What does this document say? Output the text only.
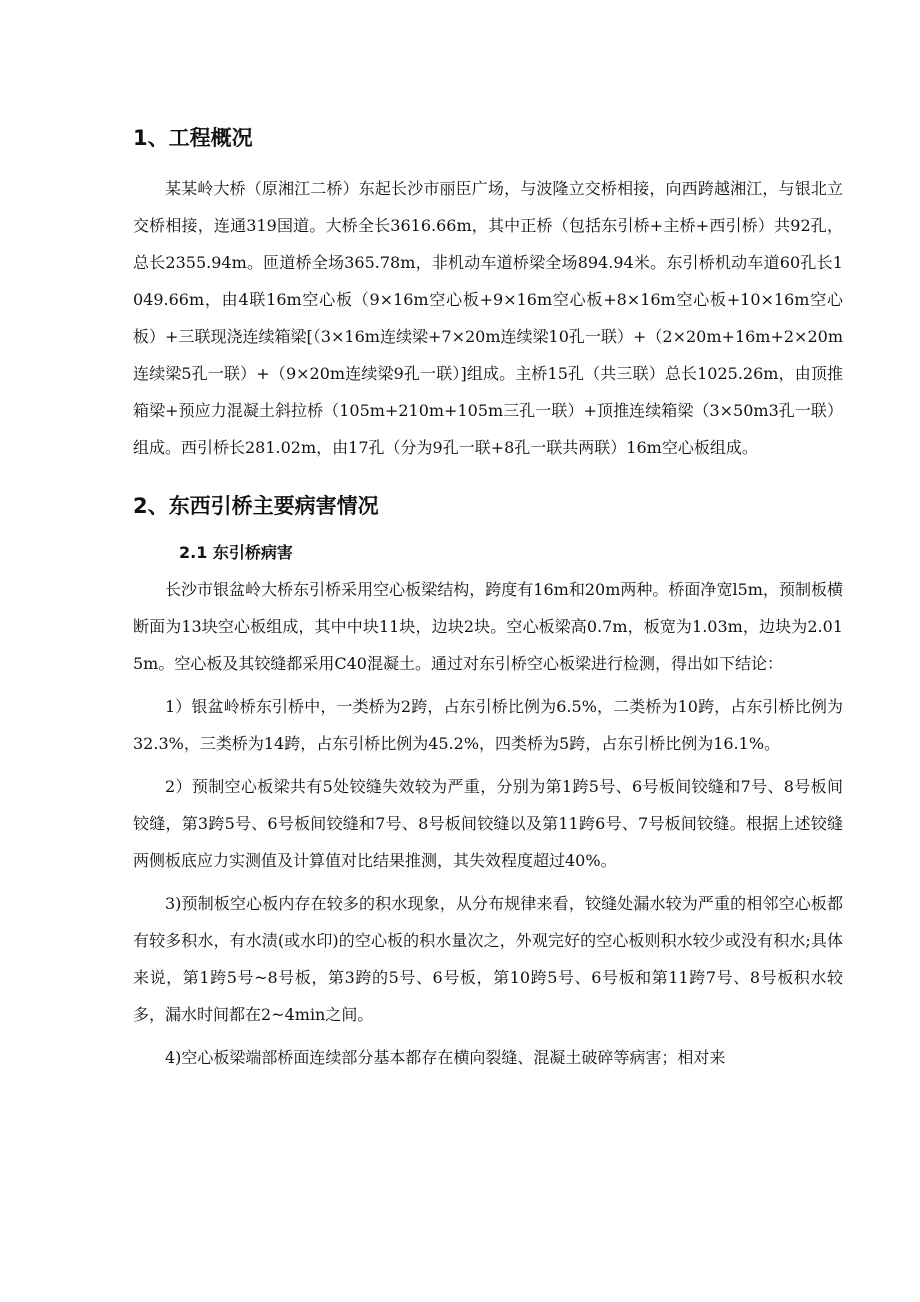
1、工程概况

某某岭大桥（原湘江二桥）东起长沙市丽臣广场，与波隆立交桥相接，向西跨越湘江，与银北立交桥相接，连通319国道。大桥全长3616.66m，其中正桥（包括东引桥+主桥+西引桥）共92孔，总长2355.94m。匝道桥全场365.78m，非机动车道桥梁全场894.94米。东引桥机动车道60孔长1049.66m，由4联16m空心板（9×16m空心板+9×16m空心板+8×16m空心板+10×16m空心板）+三联现浇连续箱梁[（3×16m连续梁+7×20m连续梁10孔一联）+（2×20m+16m+2×20m连续梁5孔一联）+（9×20m连续梁9孔一联）]组成。主桥15孔（共三联）总长1025.26m，由顶推箱梁+预应力混凝土斜拉桥（105m+210m+105m三孔一联）+顶推连续箱梁（3×50m3孔一联）组成。西引桥长281.02m，由17孔（分为9孔一联+8孔一联共两联）16m空心板组成。

2、东西引桥主要病害情况
2.1 东引桥病害

长沙市银盆岭大桥东引桥采用空心板梁结构，跨度有16m和20m两种。桥面净宽l5m，预制板横断面为13块空心板组成，其中中块11块，边块2块。空心板梁高0.7m，板宽为1.03m，边块为2.015m。空心板及其铰缝都采用C40混凝土。通过对东引桥空心板梁进行检测，得出如下结论：

1）银盆岭桥东引桥中，一类桥为2跨，占东引桥比例为6.5%，二类桥为10跨，占东引桥比例为32.3%，三类桥为14跨，占东引桥比例为45.2%，四类桥为5跨，占东引桥比例为16.1%。

2）预制空心板梁共有5处铰缝失效较为严重，分别为第1跨5号、6号板间铰缝和7号、8号板间铰缝，第3跨5号、6号板间铰缝和7号、8号板间铰缝以及第11跨6号、7号板间铰缝。根据上述铰缝两侧板底应力实测值及计算值对比结果推测，其失效程度超过40%。

3)预制板空心板内存在较多的积水现象，从分布规律来看，铰缝处漏水较为严重的相邻空心板都有较多积水，有水渍(或水印)的空心板的积水量次之，外观完好的空心板则积水较少或没有积水;具体来说，第1跨5号~8号板，第3跨的5号、6号板，第10跨5号、6号板和第11跨7号、8号板积水较多，漏水时间都在2~4min之间。

4)空心板梁端部桥面连续部分基本都存在横向裂缝、混凝土破碎等病害；相对来
